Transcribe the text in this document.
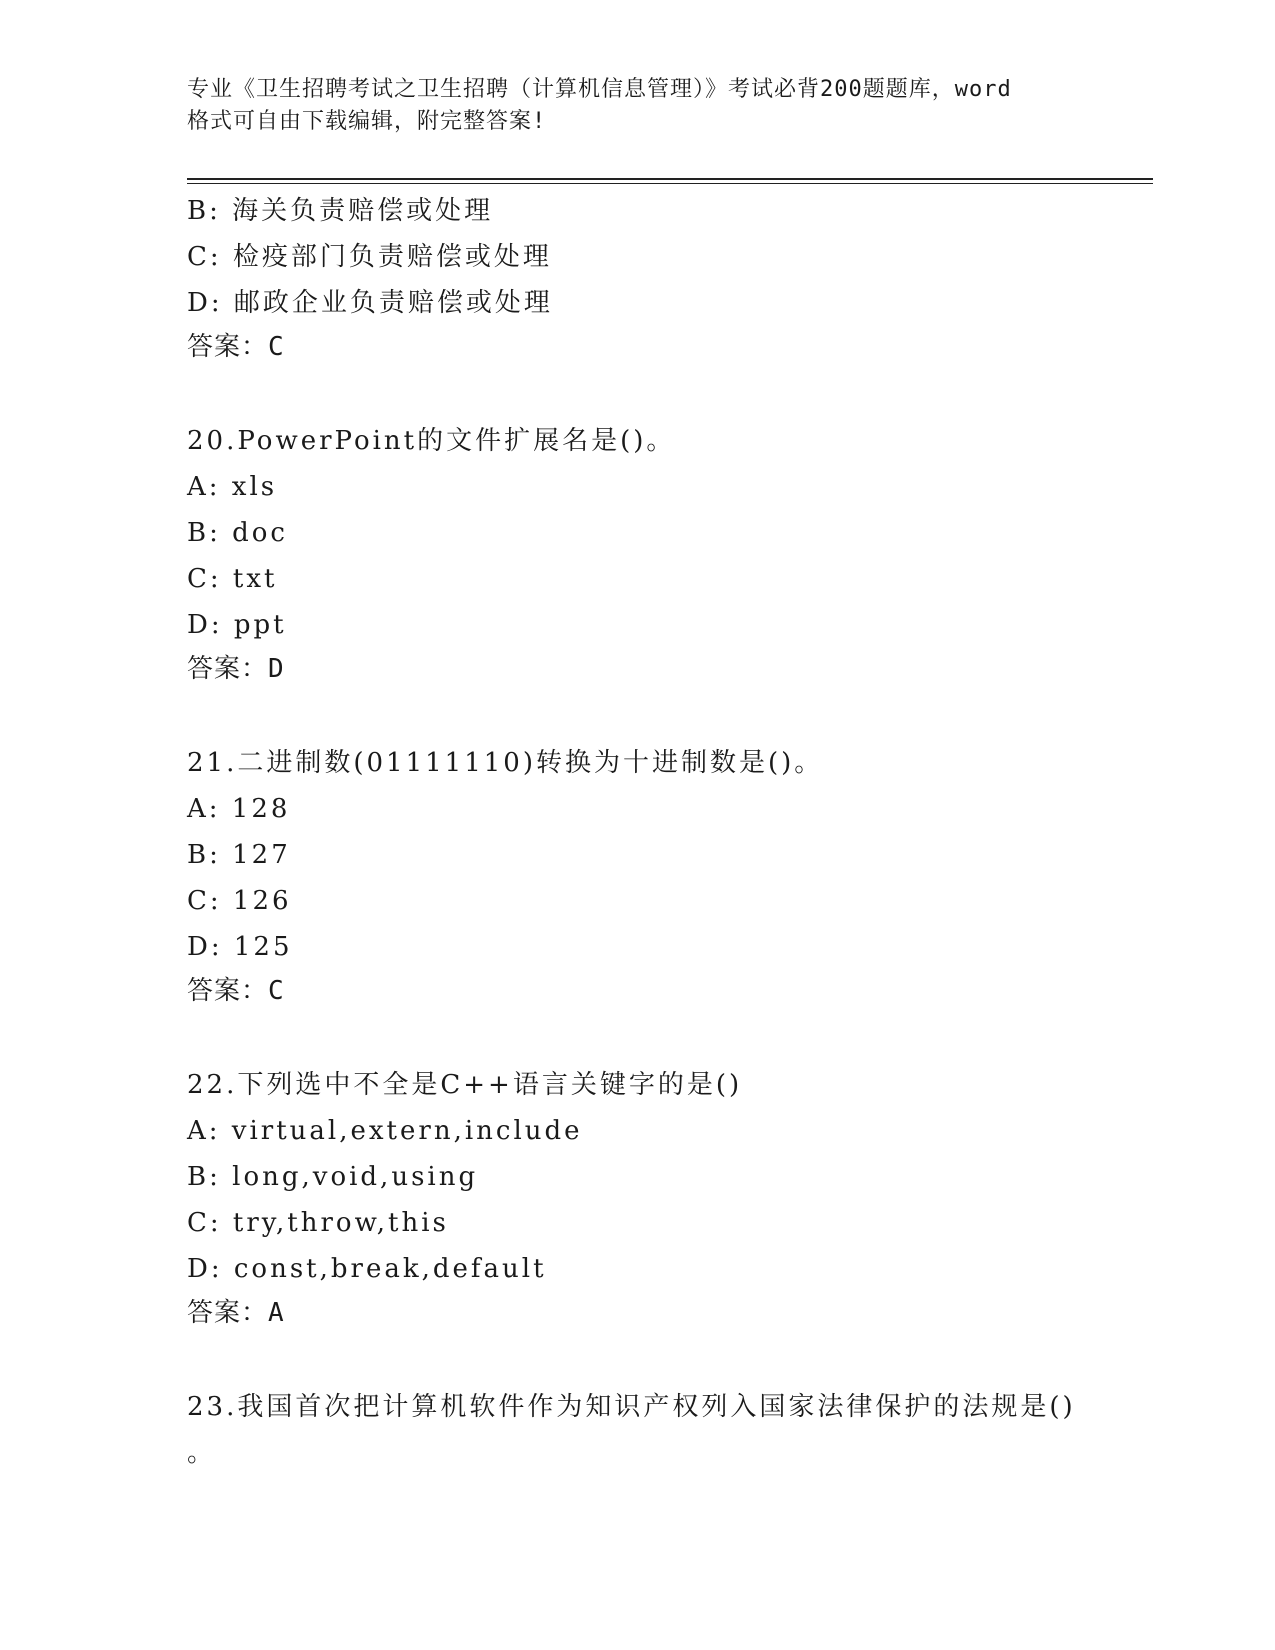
专业《卫生招聘考试之卫生招聘（计算机信息管理）》考试必背200题题库，word
格式可自由下载编辑，附完整答案!
B: 海关负责赔偿或处理
C: 检疫部门负责赔偿或处理
D: 邮政企业负责赔偿或处理
答案：C
20.PowerPoint的文件扩展名是()。
A: xls
B: doc
C: txt
D: ppt
答案：D
21.二进制数(01111110)转换为十进制数是()。
A: 128
B: 127
C: 126
D: 125
答案：C
22.下列选中不全是C++语言关键字的是()
A: virtual,extern,include
B: long,void,using
C: try,throw,this
D: const,break,default
答案：A
23.我国首次把计算机软件作为知识产权列入国家法律保护的法规是()
。
